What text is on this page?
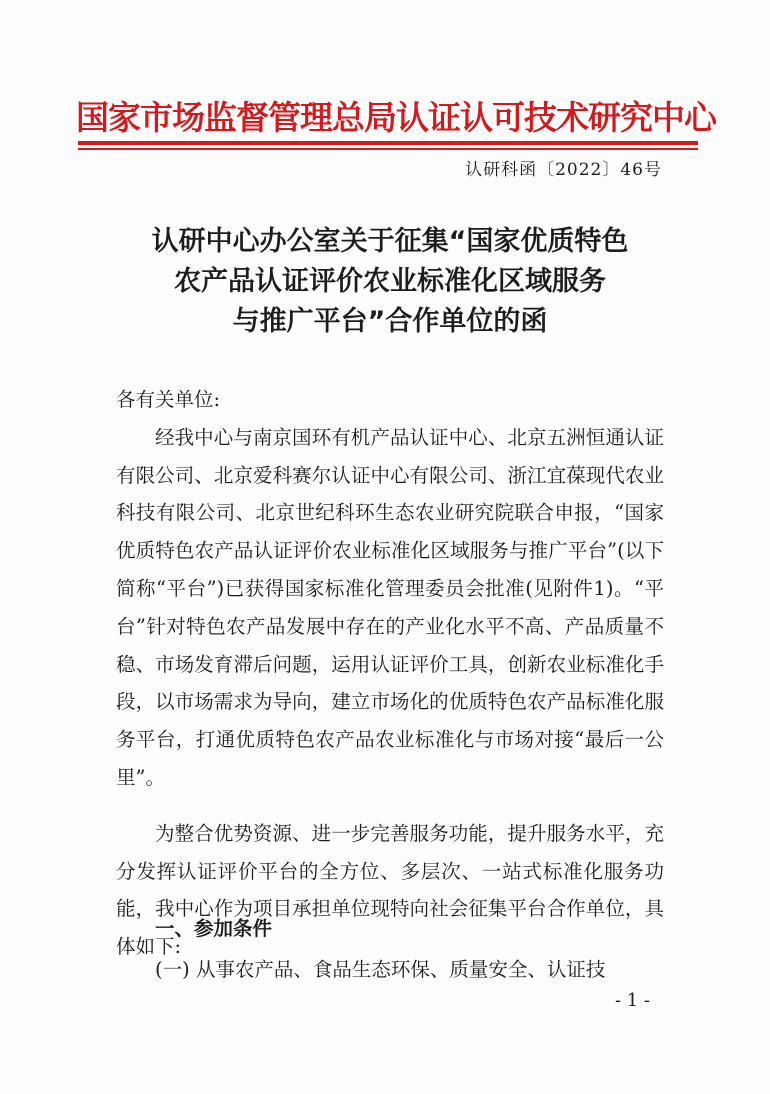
国家市场监督管理总局认证认可技术研究中心
认研科函〔2022〕46号
认研中心办公室关于征集“国家优质特色
农产品认证评价农业标准化区域服务
与推广平台”合作单位的函

各有关单位:

经我中心与南京国环有机产品认证中心、北京五洲恒通认证有限公司、北京爱科赛尔认证中心有限公司、浙江宜葆现代农业科技有限公司、北京世纪科环生态农业研究院联合申报，“国家优质特色农产品认证评价农业标准化区域服务与推广平台”(以下简称“平台”)已获得国家标准化管理委员会批准(见附件1)。“平台”针对特色农产品发展中存在的产业化水平不高、产品质量不稳、市场发育滞后问题，运用认证评价工具，创新农业标准化手段，以市场需求为导向，建立市场化的优质特色农产品标准化服务平台，打通优质特色农产品农业标准化与市场对接“最后一公里”。

为整合优势资源、进一步完善服务功能，提升服务水平，充分发挥认证评价平台的全方位、多层次、一站式标准化服务功能，我中心作为项目承担单位现特向社会征集平台合作单位，具体如下:

一、参加条件
(一) 从事农产品、食品生态环保、质量安全、认证技
- 1 -
